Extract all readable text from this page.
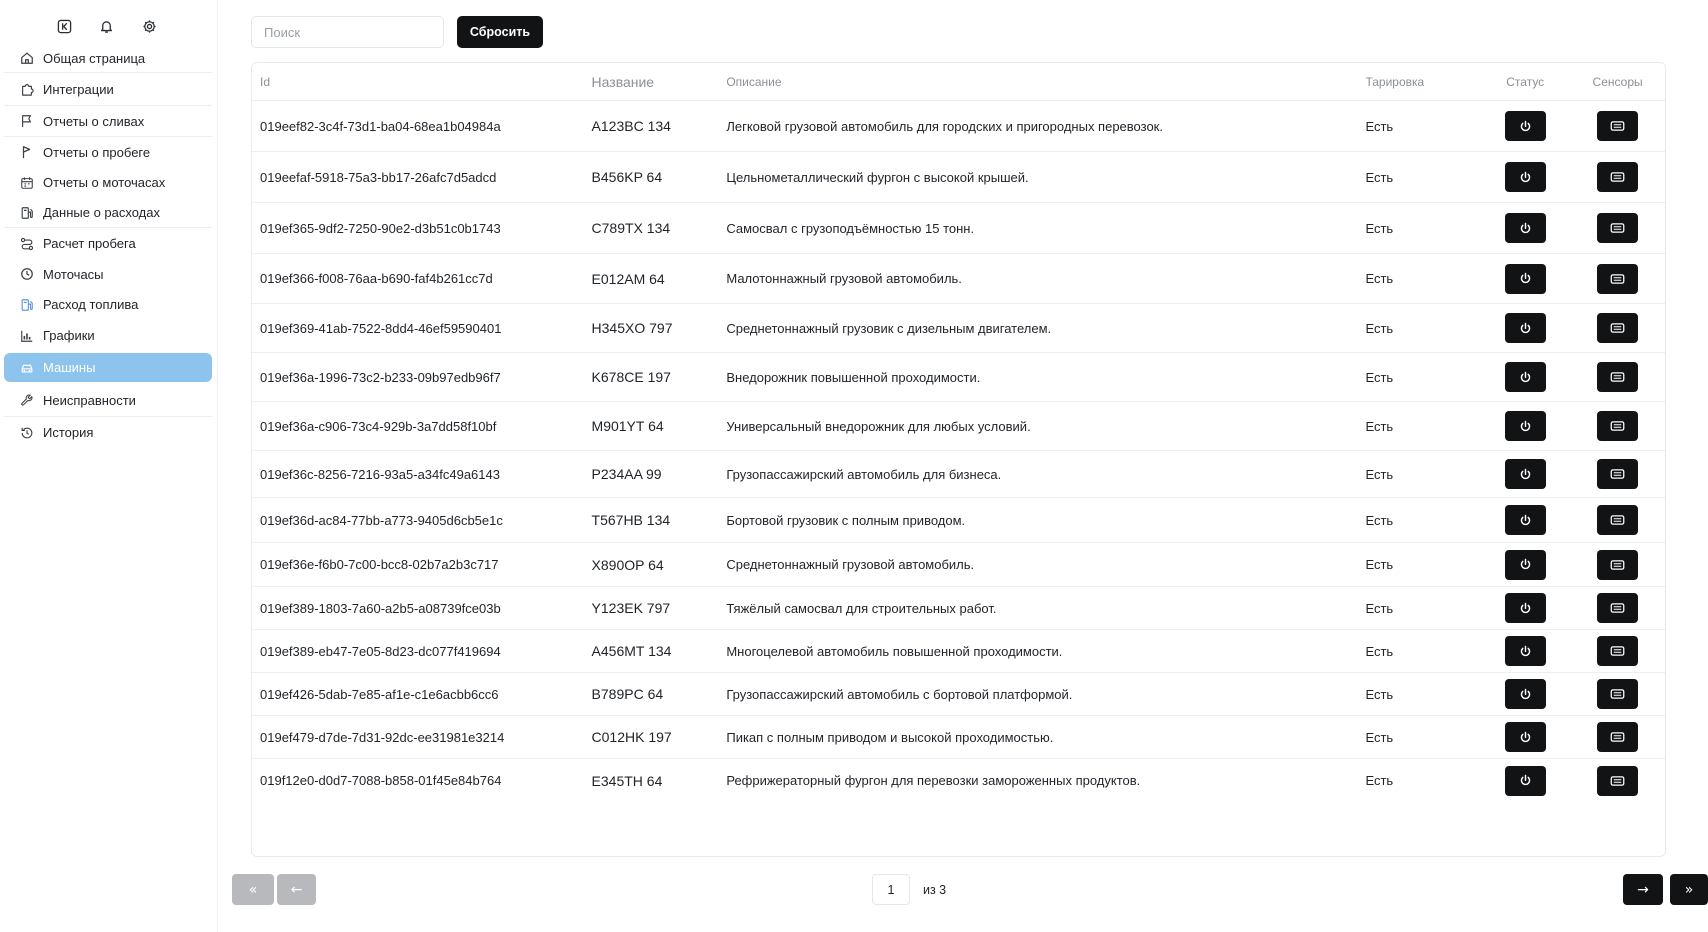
Общая страница
Интеграции
Отчеты о сливах
Отчеты о пробеге
Отчеты о моточасах
Данные о расходах
Расчет пробега
Моточасы
Расход топлива
Графики
Машины
Неисправности
История
Поиск
Сбросить
Id	Название	Описание	Тарировка	Статус	Сенсоры
019eef82-3c4f-73d1-ba04-68ea1b04984a	A123BC 134	Легковой грузовой автомобиль для городских и пригородных перевозок.	Есть
019eefaf-5918-75a3-bb17-26afc7d5adcd	B456KP 64	Цельнометаллический фургон с высокой крышей.	Есть
019ef365-9df2-7250-90e2-d3b51c0b1743	C789TX 134	Самосвал с грузоподъёмностью 15 тонн.	Есть
019ef366-f008-76aa-b690-faf4b261cc7d	E012AM 64	Малотоннажный грузовой автомобиль.	Есть
019ef369-41ab-7522-8dd4-46ef59590401	H345XO 797	Среднетоннажный грузовик с дизельным двигателем.	Есть
019ef36a-1996-73c2-b233-09b97edb96f7	K678CE 197	Внедорожник повышенной проходимости.	Есть
019ef36a-c906-73c4-929b-3a7dd58f10bf	M901YT 64	Универсальный внедорожник для любых условий.	Есть
019ef36c-8256-7216-93a5-a34fc49a6143	P234AA 99	Грузопассажирский автомобиль для бизнеса.	Есть
019ef36d-ac84-77bb-a773-9405d6cb5e1c	T567HB 134	Бортовой грузовик с полным приводом.	Есть
019ef36e-f6b0-7c00-bcc8-02b7a2b3c717	X890OP 64	Среднетоннажный грузовой автомобиль.	Есть
019ef389-1803-7a60-a2b5-a08739fce03b	Y123EK 797	Тяжёлый самосвал для строительных работ.	Есть
019ef389-eb47-7e05-8d23-dc077f419694	A456MT 134	Многоцелевой автомобиль повышенной проходимости.	Есть
019ef426-5dab-7e85-af1e-c1e6acbb6cc6	B789PC 64	Грузопассажирский автомобиль с бортовой платформой.	Есть
019ef479-d7de-7d31-92dc-ee31981e3214	C012HK 197	Пикап с полным приводом и высокой проходимостью.	Есть
019f12e0-d0d7-7088-b858-01f45e84b764	E345TH 64	Рефрижераторный фургон для перевозки замороженных продуктов.	Есть
«	←	1	из 3	→	»
